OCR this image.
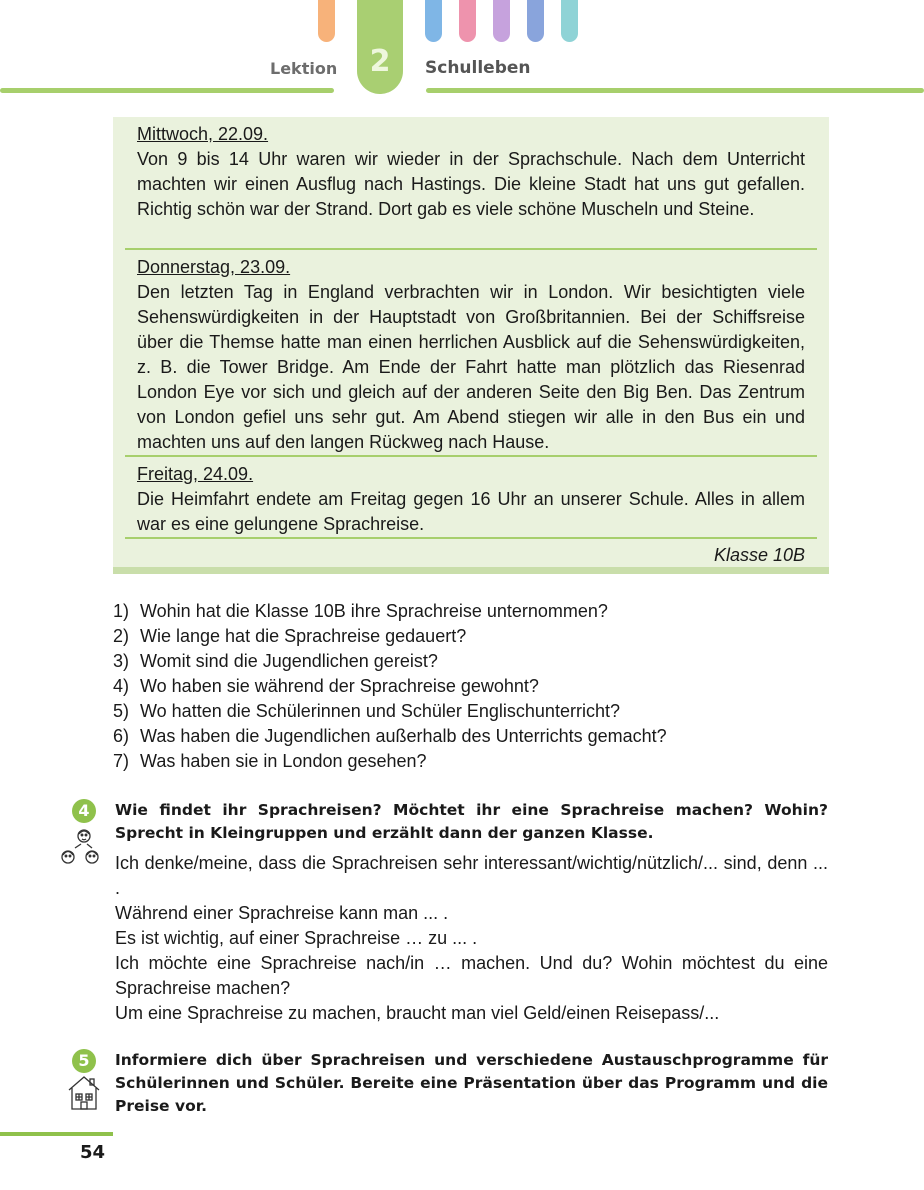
2
Lektion	Schulleben
Mittwoch, 22.09.
Von 9 bis 14 Uhr waren wir wieder in der Sprachschule. Nach dem Unterricht machten wir einen Ausflug nach Hastings. Die kleine Stadt hat uns gut gefallen. Richtig schön war der Strand. Dort gab es viele schöne Muscheln und Steine.
Donnerstag, 23.09.
Den letzten Tag in England verbrachten wir in London. Wir besichtigten viele Sehenswürdigkeiten in der Hauptstadt von Großbritannien. Bei der Schiffsreise über die Themse hatte man einen herrlichen Ausblick auf die Sehenswürdigkeiten, z. B. die Tower Bridge. Am Ende der Fahrt hatte man plötzlich das Riesenrad London Eye vor sich und gleich auf der anderen Seite den Big Ben. Das Zentrum von London gefiel uns sehr gut. Am Abend stiegen wir alle in den Bus ein und machten uns auf den langen Rückweg nach Hause.
Freitag, 24.09.
Die Heimfahrt endete am Freitag gegen 16 Uhr an unserer Schule. Alles in allem war es eine gelungene Sprachreise.
Klasse 10B
1) Wohin hat die Klasse 10B ihre Sprachreise unternommen?
2) Wie lange hat die Sprachreise gedauert?
3) Womit sind die Jugendlichen gereist?
4) Wo haben sie während der Sprachreise gewohnt?
5) Wo hatten die Schülerinnen und Schüler Englischunterricht?
6) Was haben die Jugendlichen außerhalb des Unterrichts gemacht?
7) Was haben sie in London gesehen?
4	Wie findet ihr Sprachreisen? Möchtet ihr eine Sprachreise machen? Wohin? Sprecht in Kleingruppen und erzählt dann der ganzen Klasse.
Ich denke/meine, dass die Sprachreisen sehr interessant/wichtig/nützlich/... sind, denn ... .
Während einer Sprachreise kann man ... .
Es ist wichtig, auf einer Sprachreise … zu ... .
Ich möchte eine Sprachreise nach/in … machen. Und du? Wohin möchtest du eine Sprachreise machen?
Um eine Sprachreise zu machen, braucht man viel Geld/einen Reisepass/...
5	Informiere dich über Sprachreisen und verschiedene Austauschprogramme für Schülerinnen und Schüler. Bereite eine Präsentation über das Programm und die Preise vor.
54
